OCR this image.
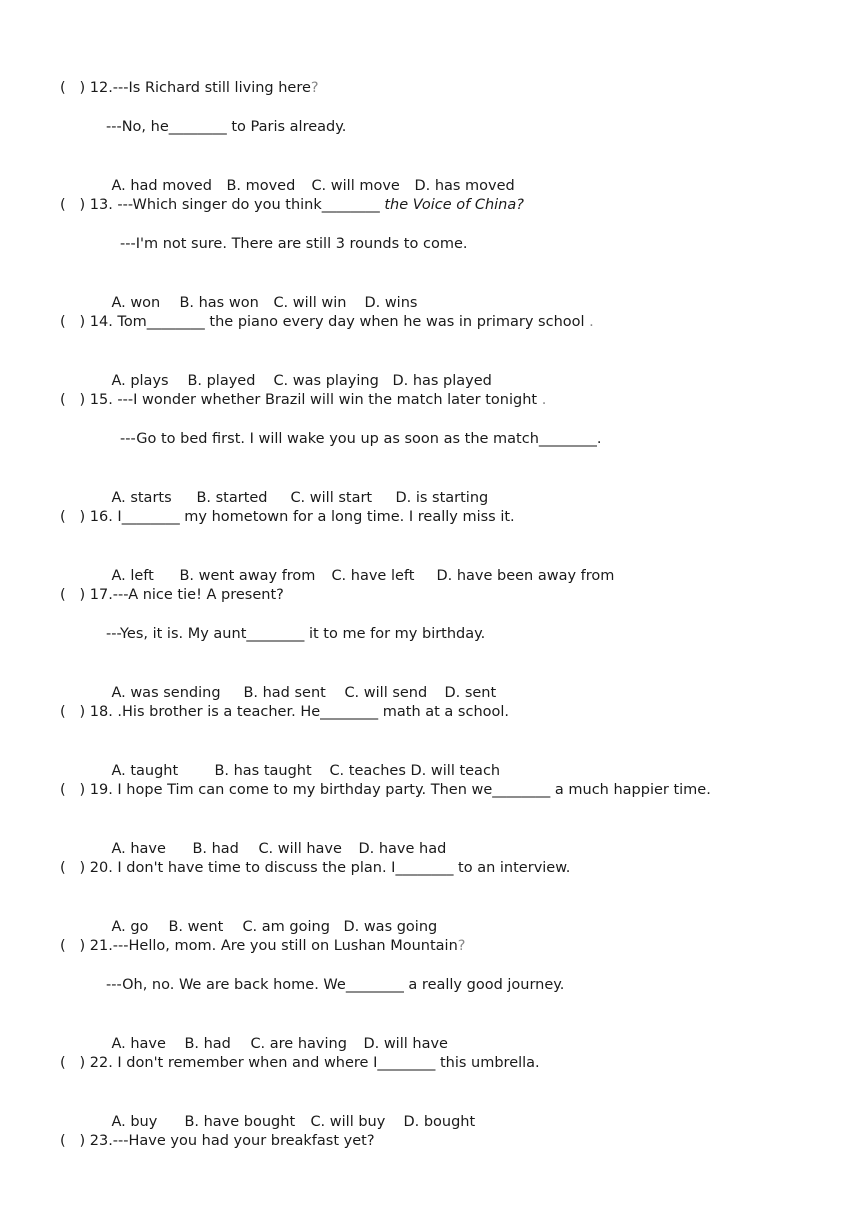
(   ) 12.---Is Richard still living here?
---No, he________ to Paris already.

A. had moved B. moved C. will move D. has moved

(   ) 13. ---Which singer do you think________ the Voice of China?
---I'm not sure. There are still 3 rounds to come.

A. won B. has won C. will win D. wins

(   ) 14. Tom________ the piano every day when he was in primary school .

A. plays B. played C. was playing D. has played

(   ) 15. ---I wonder whether Brazil will win the match later tonight .
---Go to bed first. I will wake you up as soon as the match________.

A. starts B. started C. will start D. is starting

(   ) 16. I________ my hometown for a long time. I really miss it.

A. left B. went away from C. have left D. have been away from

(   ) 17.---A nice tie! A present?
---Yes, it is. My aunt________ it to me for my birthday.

A. was sending B. had sent C. will send D. sent

(   ) 18. .His brother is a teacher. He________ math at a school.

A. taught	B. has taught C. teaches D. will teach

(   ) 19. I hope Tim can come to my birthday party. Then we________ a much happier time.

A. have B. had C. will have D. have had

(   ) 20. I don't have time to discuss the plan. I________ to an interview.

A. go B. went C. am going D. was going

(   ) 21.---Hello, mom. Are you still on Lushan Mountain?
---Oh, no. We are back home. We________ a really good journey.

A. have B. had C. are having D. will have

(   ) 22. I don't remember when and where I________ this umbrella.

A. buy B. have bought C. will buy D. bought

(   ) 23.---Have you had your breakfast yet?
